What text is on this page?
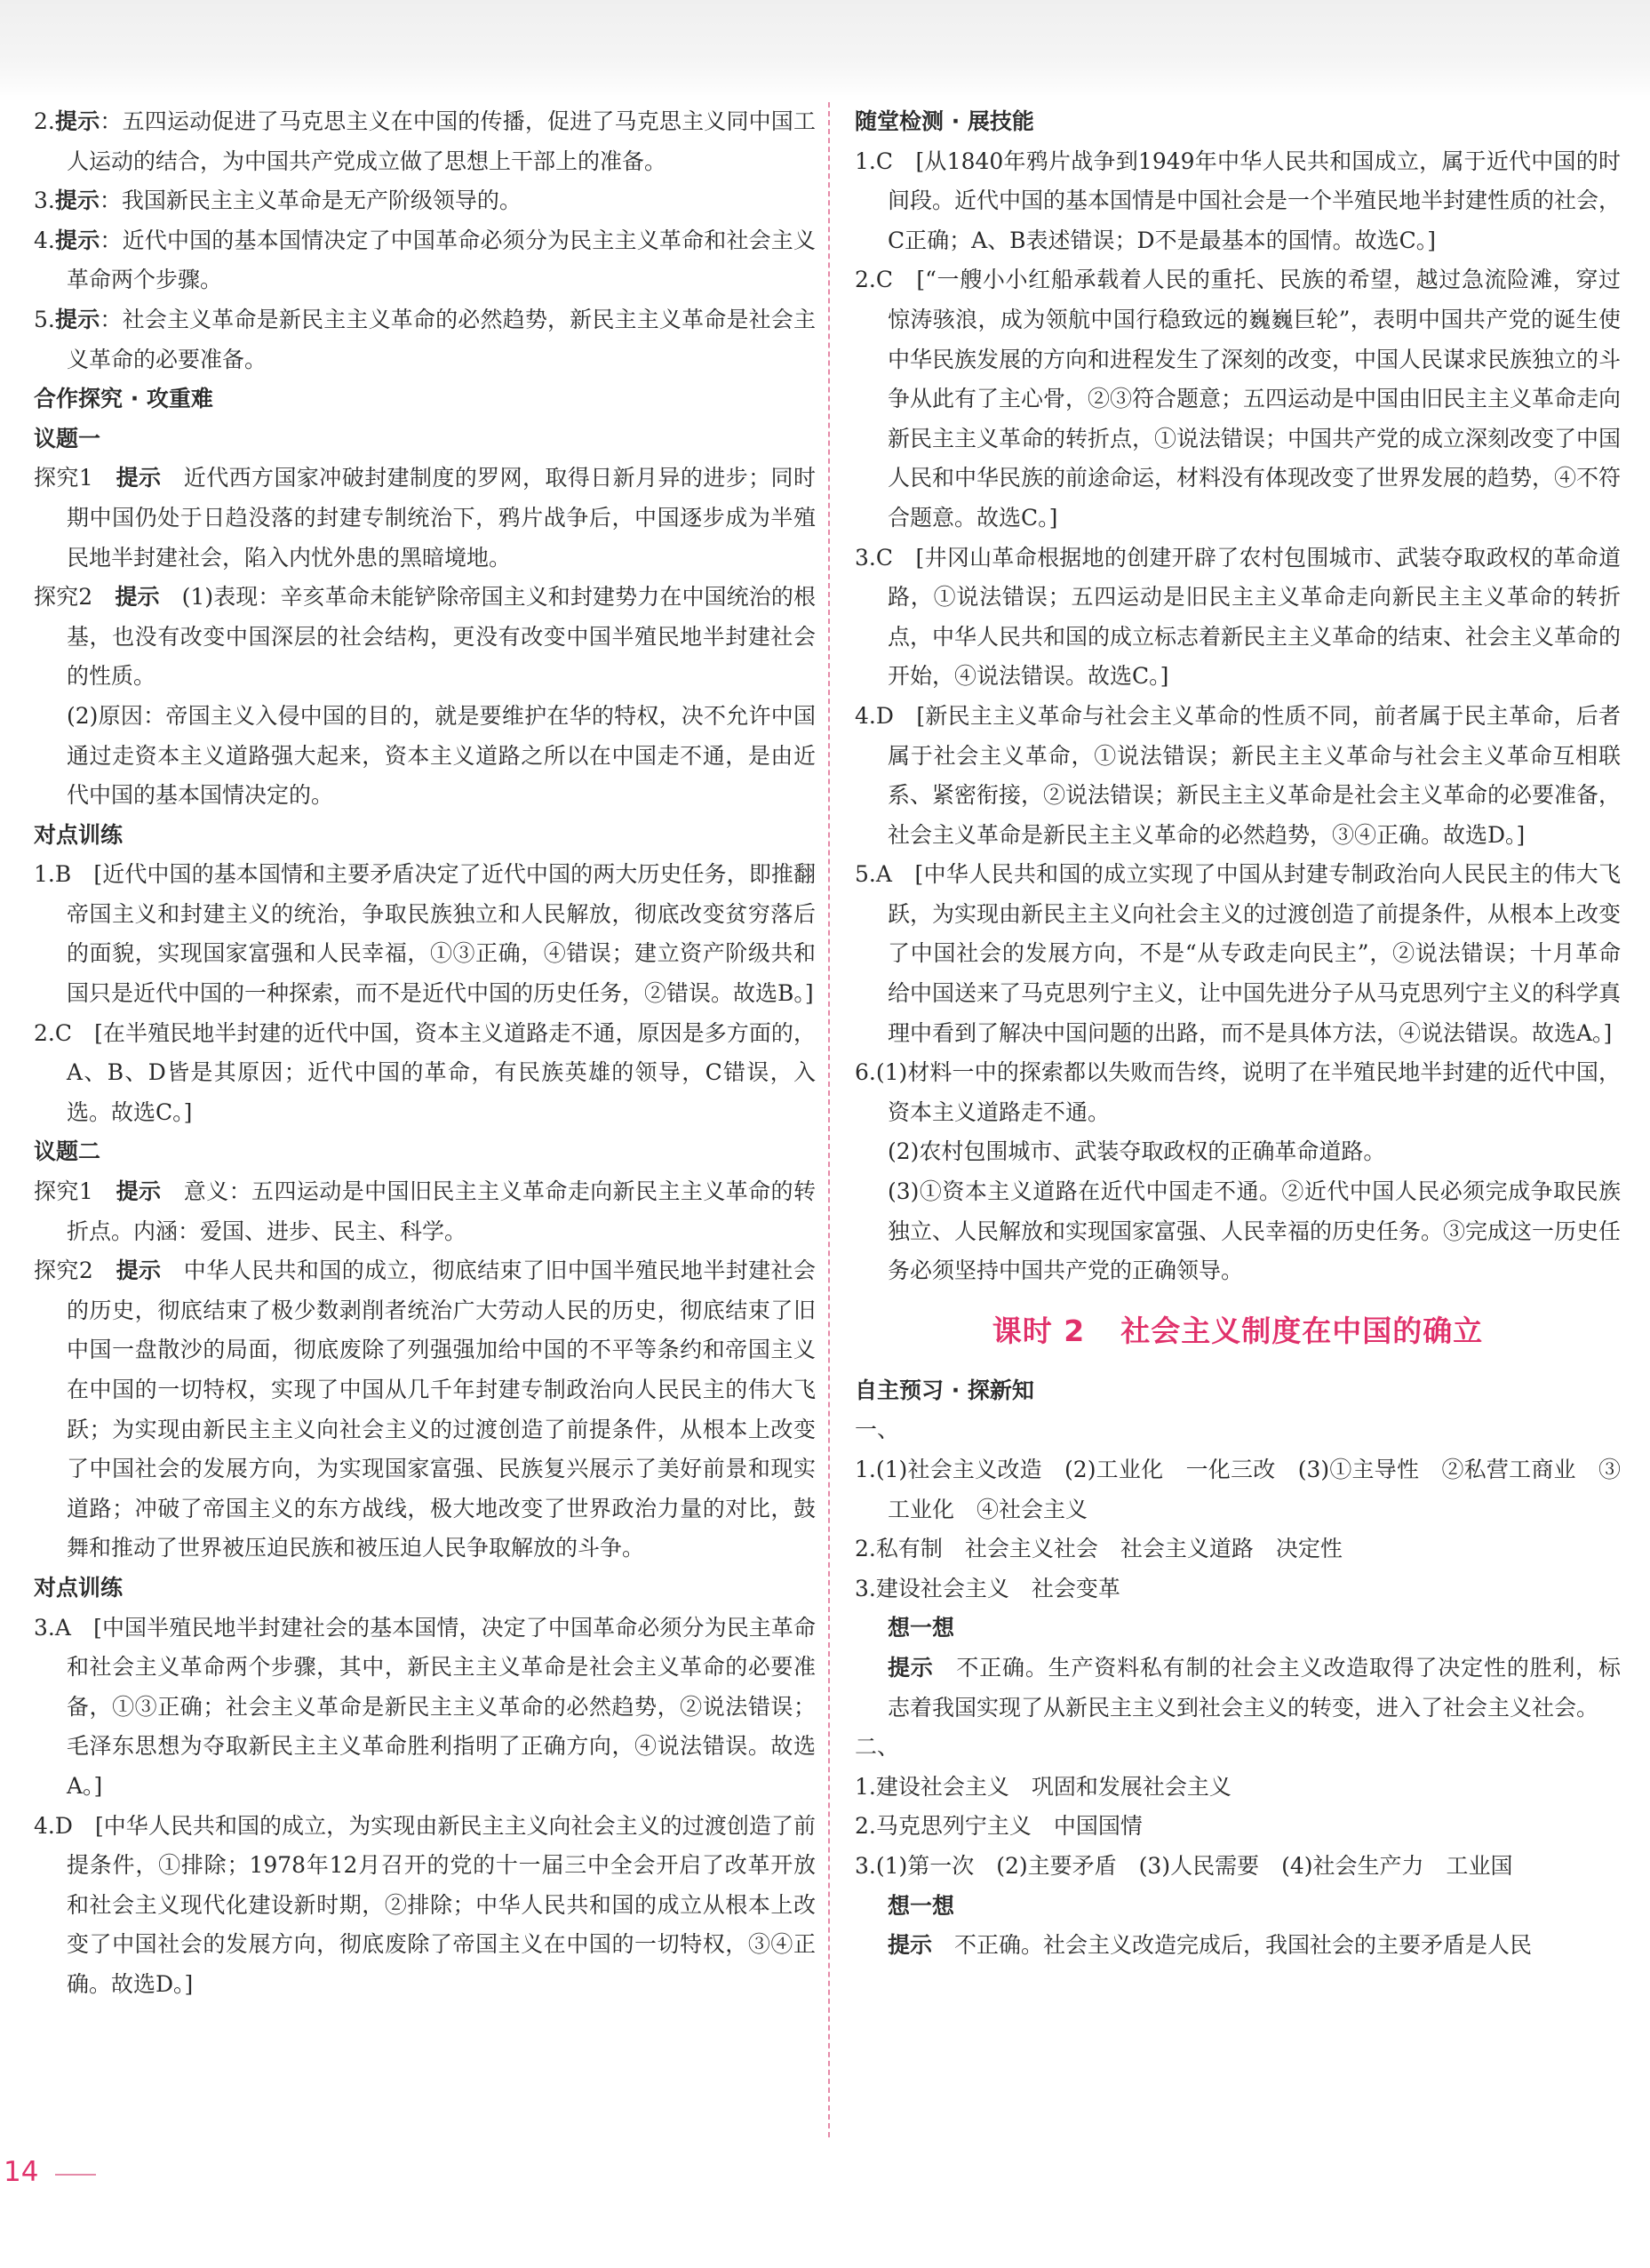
2.提示：五四运动促进了马克思主义在中国的传播，促进了马克思主义同中国工人运动的结合，为中国共产党成立做了思想上干部上的准备。
3.提示：我国新民主主义革命是无产阶级领导的。
4.提示：近代中国的基本国情决定了中国革命必须分为民主主义革命和社会主义革命两个步骤。
5.提示：社会主义革命是新民主主义革命的必然趋势，新民主主义革命是社会主义革命的必要准备。
合作探究 · 攻重难
议题一
探究1　提示　近代西方国家冲破封建制度的罗网，取得日新月异的进步；同时期中国仍处于日趋没落的封建专制统治下，鸦片战争后，中国逐步成为半殖民地半封建社会，陷入内忧外患的黑暗境地。
探究2　提示　(1)表现：辛亥革命未能铲除帝国主义和封建势力在中国统治的根基，也没有改变中国深层的社会结构，更没有改变中国半殖民地半封建社会的性质。
(2)原因：帝国主义入侵中国的目的，就是要维护在华的特权，决不允许中国通过走资本主义道路强大起来，资本主义道路之所以在中国走不通，是由近代中国的基本国情决定的。
对点训练
1.B　[近代中国的基本国情和主要矛盾决定了近代中国的两大历史任务，即推翻帝国主义和封建主义的统治，争取民族独立和人民解放，彻底改变贫穷落后的面貌，实现国家富强和人民幸福，①③正确，④错误；建立资产阶级共和国只是近代中国的一种探索，而不是近代中国的历史任务，②错误。故选B。]
2.C　[在半殖民地半封建的近代中国，资本主义道路走不通，原因是多方面的，A、B、D皆是其原因；近代中国的革命，有民族英雄的领导，C错误，入选。故选C。]
议题二
探究1　提示　意义：五四运动是中国旧民主主义革命走向新民主主义革命的转折点。内涵：爱国、进步、民主、科学。
探究2　提示　中华人民共和国的成立，彻底结束了旧中国半殖民地半封建社会的历史，彻底结束了极少数剥削者统治广大劳动人民的历史，彻底结束了旧中国一盘散沙的局面，彻底废除了列强强加给中国的不平等条约和帝国主义在中国的一切特权，实现了中国从几千年封建专制政治向人民民主的伟大飞跃；为实现由新民主主义向社会主义的过渡创造了前提条件，从根本上改变了中国社会的发展方向，为实现国家富强、民族复兴展示了美好前景和现实道路；冲破了帝国主义的东方战线，极大地改变了世界政治力量的对比，鼓舞和推动了世界被压迫民族和被压迫人民争取解放的斗争。
对点训练
3.A　[中国半殖民地半封建社会的基本国情，决定了中国革命必须分为民主革命和社会主义革命两个步骤，其中，新民主主义革命是社会主义革命的必要准备，①③正确；社会主义革命是新民主主义革命的必然趋势，②说法错误；毛泽东思想为夺取新民主主义革命胜利指明了正确方向，④说法错误。故选A。]
4.D　[中华人民共和国的成立，为实现由新民主主义向社会主义的过渡创造了前提条件，①排除；1978年12月召开的党的十一届三中全会开启了改革开放和社会主义现代化建设新时期，②排除；中华人民共和国的成立从根本上改变了中国社会的发展方向，彻底废除了帝国主义在中国的一切特权，③④正确。故选D。]
随堂检测 · 展技能
1.C　[从1840年鸦片战争到1949年中华人民共和国成立，属于近代中国的时间段。近代中国的基本国情是中国社会是一个半殖民地半封建性质的社会，C正确；A、B表述错误；D不是最基本的国情。故选C。]
2.C　[“一艘小小红船承载着人民的重托、民族的希望，越过急流险滩，穿过惊涛骇浪，成为领航中国行稳致远的巍巍巨轮”，表明中国共产党的诞生使中华民族发展的方向和进程发生了深刻的改变，中国人民谋求民族独立的斗争从此有了主心骨，②③符合题意；五四运动是中国由旧民主主义革命走向新民主主义革命的转折点，①说法错误；中国共产党的成立深刻改变了中国人民和中华民族的前途命运，材料没有体现改变了世界发展的趋势，④不符合题意。故选C。]
3.C　[井冈山革命根据地的创建开辟了农村包围城市、武装夺取政权的革命道路，①说法错误；五四运动是旧民主主义革命走向新民主主义革命的转折点，中华人民共和国的成立标志着新民主主义革命的结束、社会主义革命的开始，④说法错误。故选C。]
4.D　[新民主主义革命与社会主义革命的性质不同，前者属于民主革命，后者属于社会主义革命，①说法错误；新民主主义革命与社会主义革命互相联系、紧密衔接，②说法错误；新民主主义革命是社会主义革命的必要准备，社会主义革命是新民主主义革命的必然趋势，③④正确。故选D。]
5.A　[中华人民共和国的成立实现了中国从封建专制政治向人民民主的伟大飞跃，为实现由新民主主义向社会主义的过渡创造了前提条件，从根本上改变了中国社会的发展方向，不是“从专政走向民主”，②说法错误；十月革命给中国送来了马克思列宁主义，让中国先进分子从马克思列宁主义的科学真理中看到了解决中国问题的出路，而不是具体方法，④说法错误。故选A。]
6.(1)材料一中的探索都以失败而告终，说明了在半殖民地半封建的近代中国，资本主义道路走不通。
(2)农村包围城市、武装夺取政权的正确革命道路。
(3)①资本主义道路在近代中国走不通。②近代中国人民必须完成争取民族独立、人民解放和实现国家富强、人民幸福的历史任务。③完成这一历史任务必须坚持中国共产党的正确领导。
课时 2 社会主义制度在中国的确立
自主预习 · 探新知
一、
1.(1)社会主义改造　(2)工业化　一化三改　(3)①主导性　②私营工商业　③工业化　④社会主义
2.私有制　社会主义社会　社会主义道路　决定性
3.建设社会主义　社会变革
想一想
提示　不正确。生产资料私有制的社会主义改造取得了决定性的胜利，标志着我国实现了从新民主主义到社会主义的转变，进入了社会主义社会。
二、
1.建设社会主义　巩固和发展社会主义
2.马克思列宁主义　中国国情
3.(1)第一次　(2)主要矛盾　(3)人民需要　(4)社会生产力　工业国
想一想
提示　不正确。社会主义改造完成后，我国社会的主要矛盾是人民
14
